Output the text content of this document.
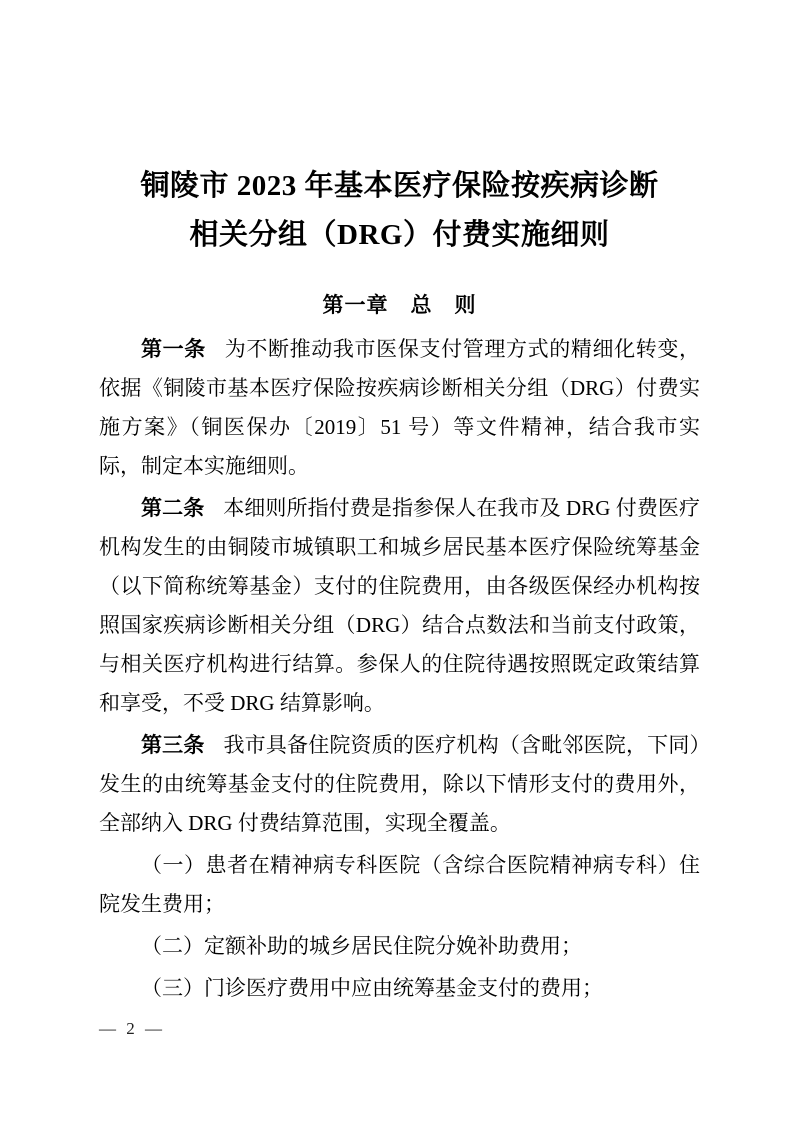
铜陵市 2023 年基本医疗保险按疾病诊断
相关分组（DRG）付费实施细则
第一章　总　则

第一条 为不断推动我市医保支付管理方式的精细化转变，依据《铜陵市基本医疗保险按疾病诊断相关分组（DRG）付费实施方案》（铜医保办〔2019〕51 号）等文件精神，结合我市实际，制定本实施细则。

第二条 本细则所指付费是指参保人在我市及 DRG 付费医疗机构发生的由铜陵市城镇职工和城乡居民基本医疗保险统筹基金（以下简称统筹基金）支付的住院费用，由各级医保经办机构按照国家疾病诊断相关分组（DRG）结合点数法和当前支付政策，与相关医疗机构进行结算。参保人的住院待遇按照既定政策结算和享受，不受 DRG 结算影响。

第三条 我市具备住院资质的医疗机构（含毗邻医院，下同）发生的由统筹基金支付的住院费用，除以下情形支付的费用外，全部纳入 DRG 付费结算范围，实现全覆盖。

（一）患者在精神病专科医院（含综合医院精神病专科）住院发生费用；

（二）定额补助的城乡居民住院分娩补助费用；

（三）门诊医疗费用中应由统筹基金支付的费用；

— 2 —
